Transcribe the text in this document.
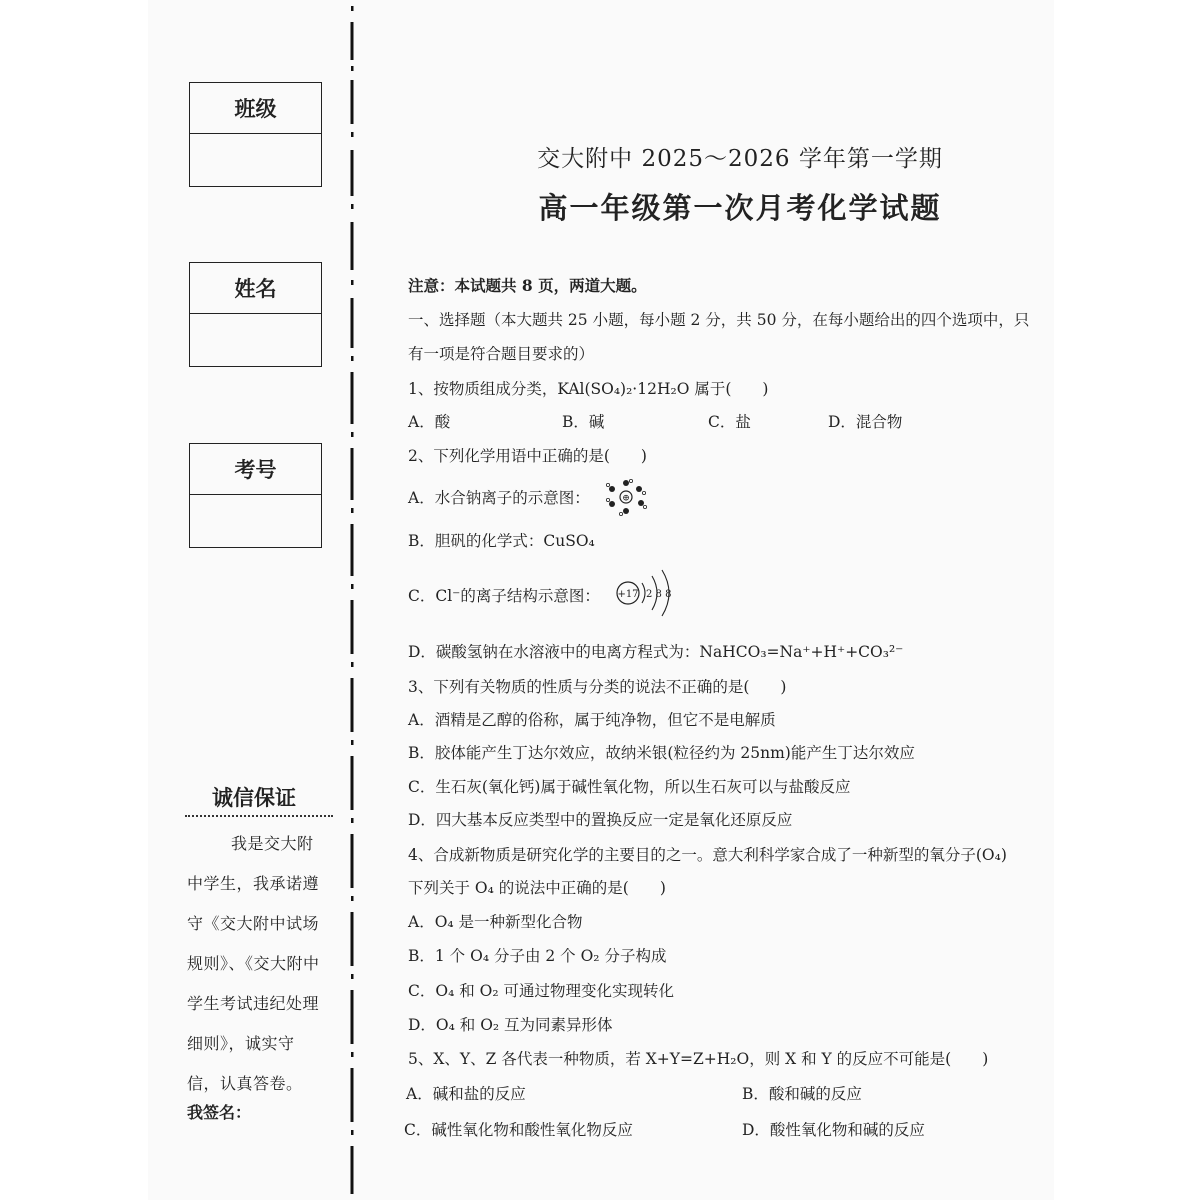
班级
姓名
考号
诚信保证

我是交大附中学生，我承诺遵守《交大附中试场规则》、《交大附中学生考试违纪处理细则》，诚实守信，认真答卷。

我签名：
交大附中 2025～2026 学年第一学期
高一年级第一次月考化学试题
注意：本试题共 8 页，两道大题。
一、选择题（本大题共 25 小题，每小题 2 分，共 50 分，在每小题给出的四个选项中，只
有一项是符合题目要求的）
1、按物质组成分类，KAl(SO₄)₂·12H₂O 属于(　　)
A．酸	B．碱	C．盐	D．混合物
2、下列化学用语中正确的是(　　)
A．水合钠离子的示意图：	⊕
B．胆矾的化学式：CuSO₄
C．Cl⁻的离子结构示意图： +17 2 8 8
D．碳酸氢钠在水溶液中的电离方程式为：NaHCO₃=Na⁺+H⁺+CO₃²⁻
3、下列有关物质的性质与分类的说法不正确的是(　　)
A．酒精是乙醇的俗称，属于纯净物，但它不是电解质
B．胶体能产生丁达尔效应，故纳米银(粒径约为 25nm)能产生丁达尔效应
C．生石灰(氧化钙)属于碱性氧化物，所以生石灰可以与盐酸反应
D．四大基本反应类型中的置换反应一定是氧化还原反应
4、合成新物质是研究化学的主要目的之一。意大利科学家合成了一种新型的氧分子(O₄)
下列关于 O₄ 的说法中正确的是(　　)
A．O₄ 是一种新型化合物
B．1 个 O₄ 分子由 2 个 O₂ 分子构成
C．O₄ 和 O₂ 可通过物理变化实现转化
D．O₄ 和 O₂ 互为同素异形体
5、X、Y、Z 各代表一种物质，若 X+Y=Z+H₂O，则 X 和 Y 的反应不可能是(　　)
A．碱和盐的反应	B．酸和碱的反应
C．碱性氧化物和酸性氧化物反应	D．酸性氧化物和碱的反应
